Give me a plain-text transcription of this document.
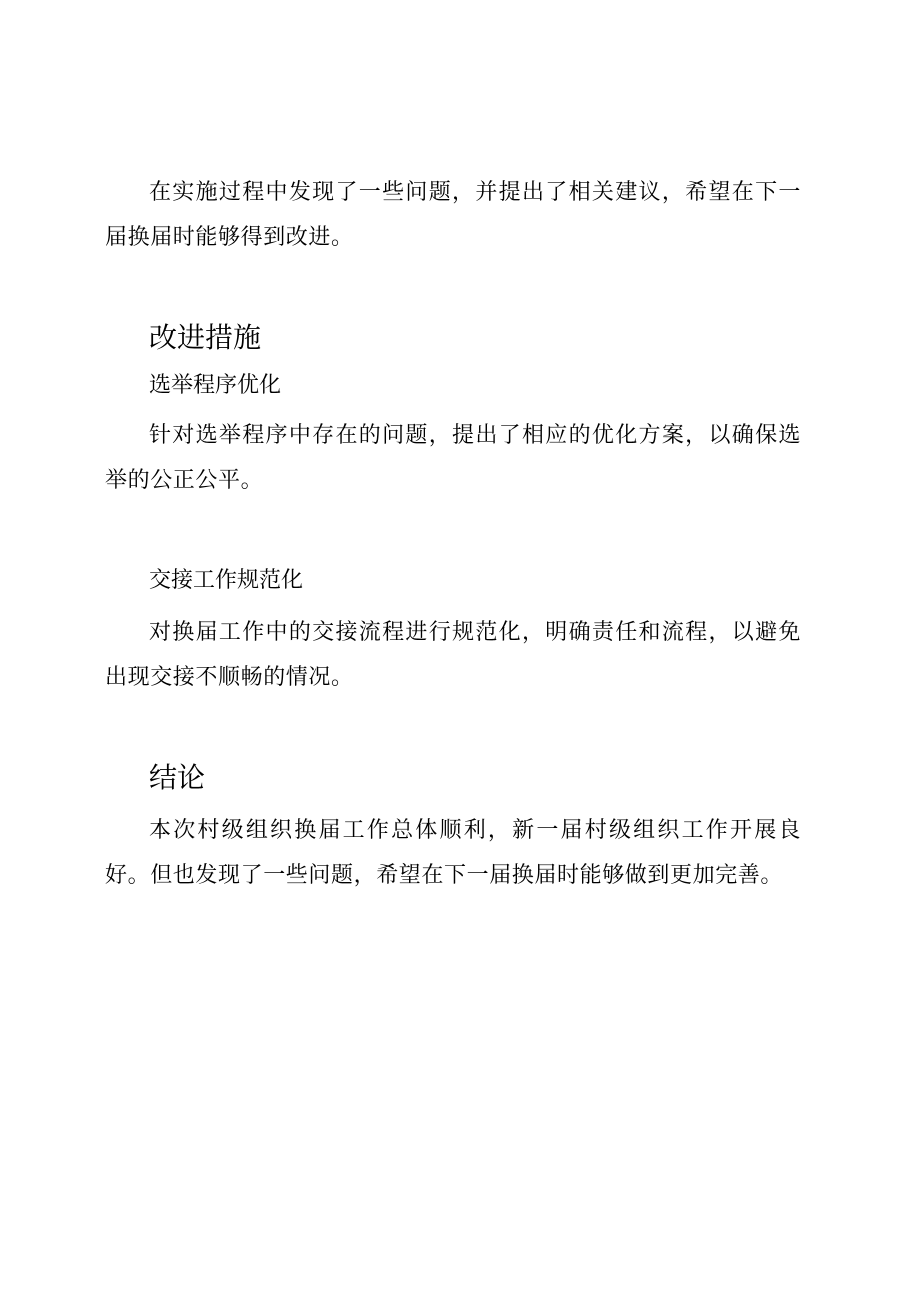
在实施过程中发现了一些问题，并提出了相关建议，希望在下一届换届时能够得到改进。

改进措施
选举程序优化

针对选举程序中存在的问题，提出了相应的优化方案，以确保选举的公正公平。

交接工作规范化

对换届工作中的交接流程进行规范化，明确责任和流程，以避免出现交接不顺畅的情况。

结论

本次村级组织换届工作总体顺利，新一届村级组织工作开展良好。但也发现了一些问题，希望在下一届换届时能够做到更加完善。
